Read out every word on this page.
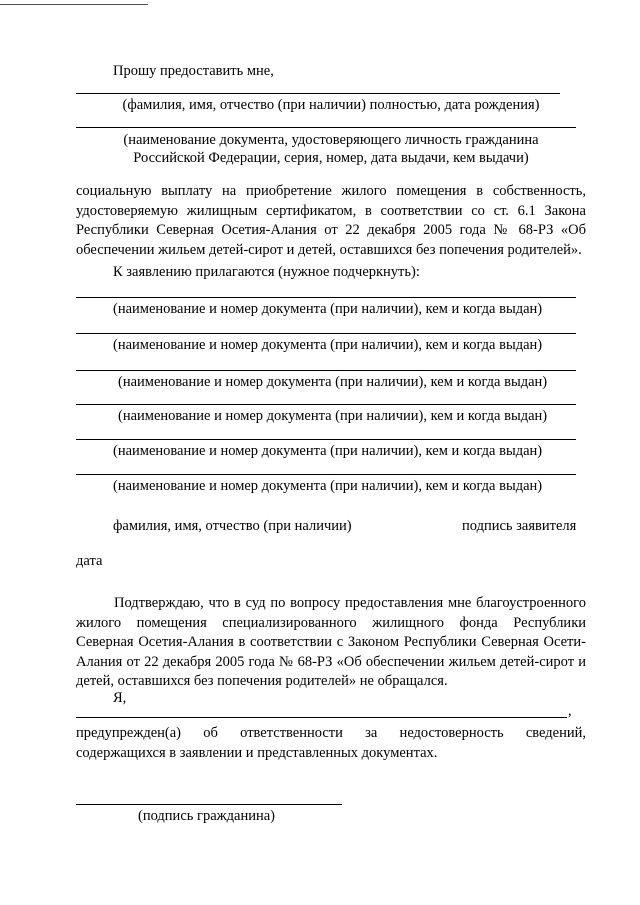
Прошу предоставить мне,
(фамилия, имя, отчество (при наличии) полностью, дата рождения)
(наименование документа, удостоверяющего личность гражданина
Российской Федерации, серия, номер, дата выдачи, кем выдачи)

социальную выплату на приобретение жилого помещения в собственность, удостоверяемую жилищным сертификатом, в соответствии со ст. 6.1 Закона Республики Северная Осетия-Алания от 22 декабря 2005 года № 68-РЗ «Об обеспечении жильем детей-сирот и детей, оставшихся без попечения родителей».

К заявлению прилагаются (нужное подчеркнуть):
(наименование и номер документа (при наличии), кем и когда выдан)
(наименование и номер документа (при наличии), кем и когда выдан)
(наименование и номер документа (при наличии), кем и когда выдан)
(наименование и номер документа (при наличии), кем и когда выдан)
(наименование и номер документа (при наличии), кем и когда выдан)
(наименование и номер документа (при наличии), кем и когда выдан)
фамилия, имя, отчество (при наличии)	подпись заявителя
дата

Подтверждаю, что в суд по вопросу предоставления мне благоустроенного жилого помещения специализированного жилищного фонда Республики Северная Осетия-Алания в соответствии с Законом Республики Северная Осети-Алания от 22 декабря 2005 года № 68-РЗ «Об обеспечении жильем детей-сирот и детей, оставшихся без попечения родителей» не обращался.

Я,
,

предупрежден(а) об ответственности за недостоверность сведений, содержащихся в заявлении и представленных документах.

(подпись гражданина)
